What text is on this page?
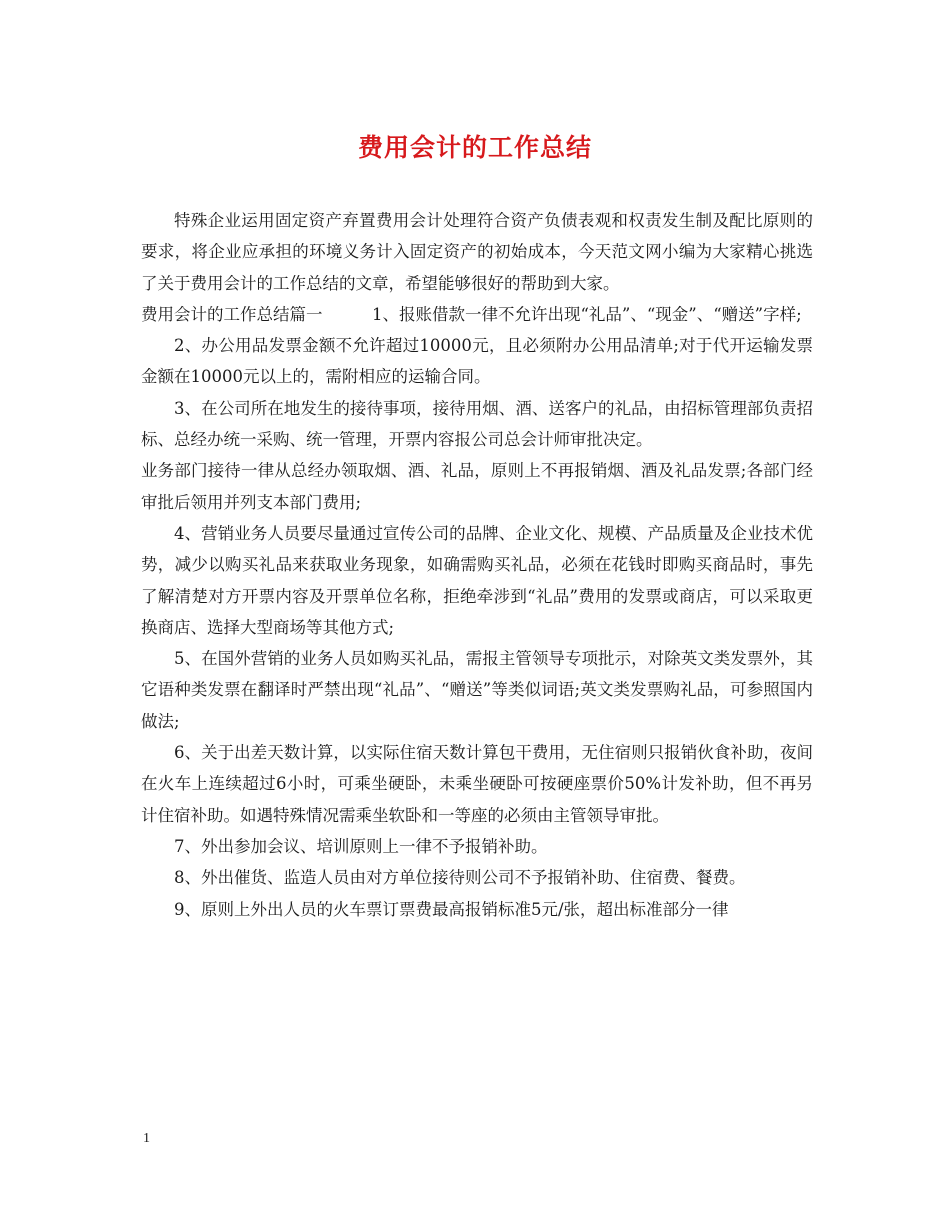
费用会计的工作总结

特殊企业运用固定资产弃置费用会计处理符合资产负债表观和权责发生制及配比原则的要求，将企业应承担的环境义务计入固定资产的初始成本，今天范文网小编为大家精心挑选了关于费用会计的工作总结的文章，希望能够很好的帮助到大家。

费用会计的工作总结篇一　　　1、报账借款一律不允许出现“礼品”、“现金”、“赠送”字样;

2、办公用品发票金额不允许超过10000元，且必须附办公用品清单;对于代开运输发票金额在10000元以上的，需附相应的运输合同。

3、在公司所在地发生的接待事项，接待用烟、酒、送客户的礼品，由招标管理部负责招标、总经办统一采购、统一管理，开票内容报公司总会计师审批决定。

业务部门接待一律从总经办领取烟、酒、礼品，原则上不再报销烟、酒及礼品发票;各部门经审批后领用并列支本部门费用;

4、营销业务人员要尽量通过宣传公司的品牌、企业文化、规模、产品质量及企业技术优势，减少以购买礼品来获取业务现象，如确需购买礼品，必须在花钱时即购买商品时，事先了解清楚对方开票内容及开票单位名称，拒绝牵涉到“礼品”费用的发票或商店，可以采取更换商店、选择大型商场等其他方式;

5、在国外营销的业务人员如购买礼品，需报主管领导专项批示，对除英文类发票外，其它语种类发票在翻译时严禁出现“礼品”、“赠送”等类似词语;英文类发票购礼品，可参照国内做法;

6、关于出差天数计算，以实际住宿天数计算包干费用，无住宿则只报销伙食补助，夜间在火车上连续超过6小时，可乘坐硬卧，未乘坐硬卧可按硬座票价50%计发补助，但不再另计住宿补助。如遇特殊情况需乘坐软卧和一等座的必须由主管领导审批。

7、外出参加会议、培训原则上一律不予报销补助。

8、外出催货、监造人员由对方单位接待则公司不予报销补助、住宿费、餐费。

9、原则上外出人员的火车票订票费最高报销标准5元/张，超出标准部分一律

1
